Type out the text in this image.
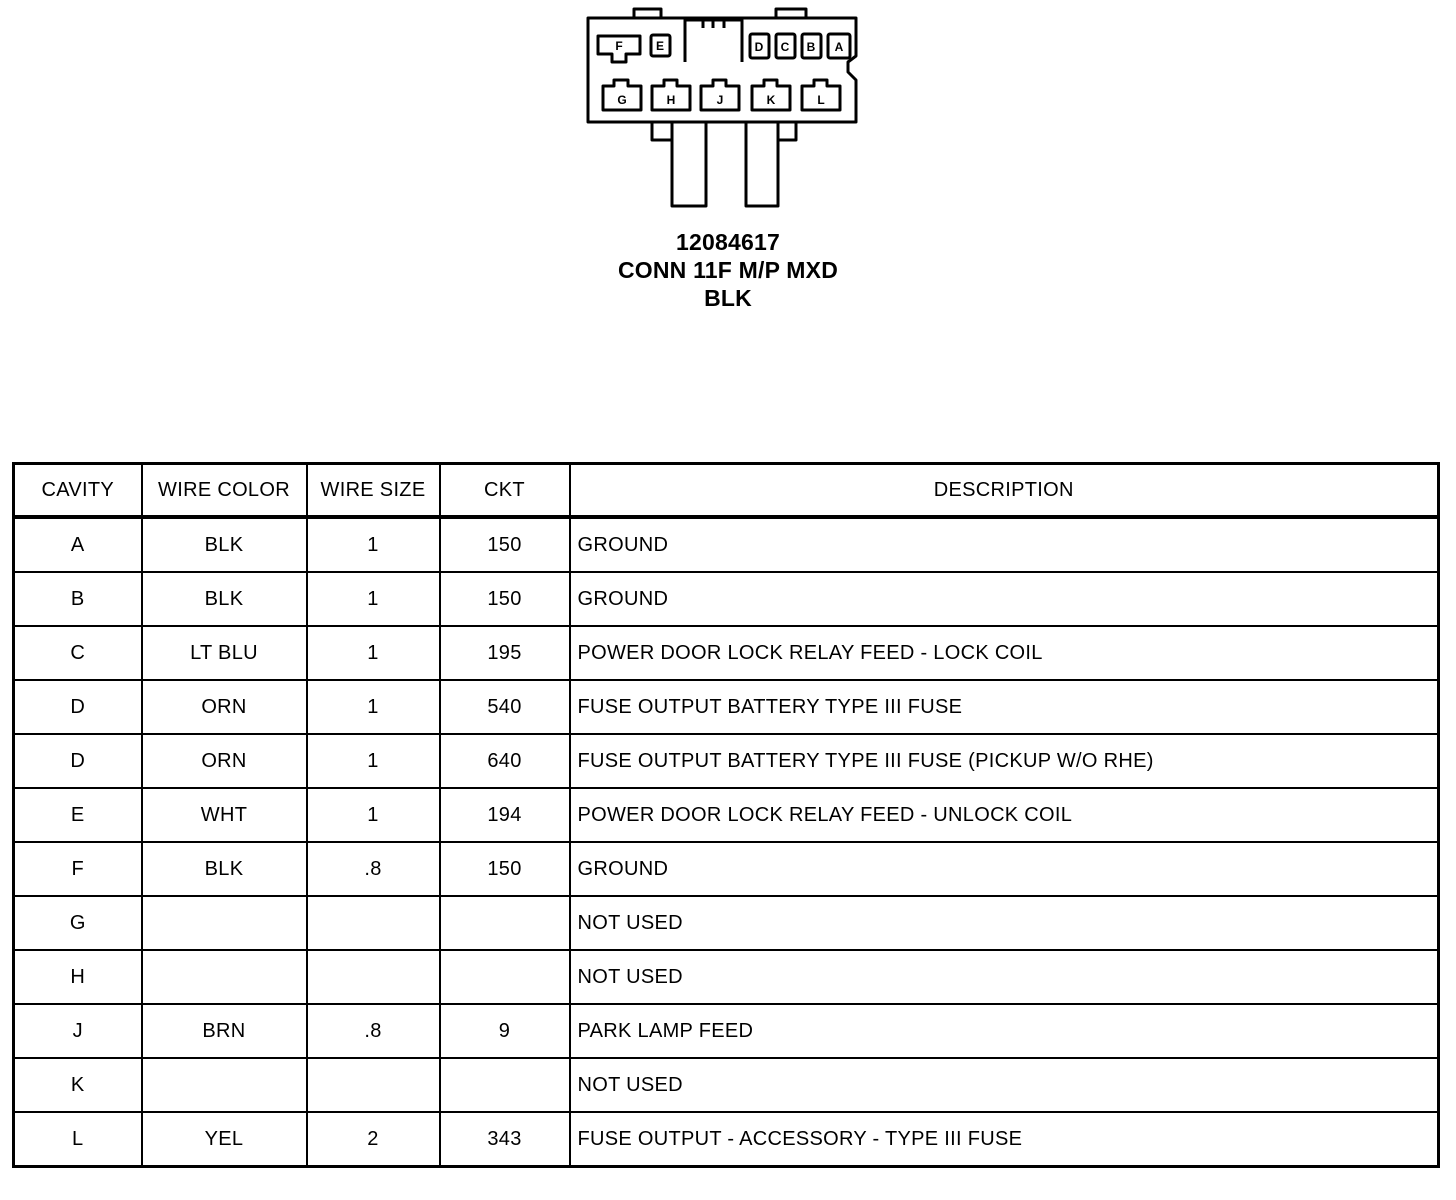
F	E	D C B A
G	H	J	K	L
12084617
CONN 11F M/P MXD
BLK
CAVITY	WIRE COLOR	WIRE SIZE	CKT	DESCRIPTION
A	BLK	1	150	GROUND
B	BLK	1	150	GROUND
C	LT BLU	1	195	POWER DOOR LOCK RELAY FEED - LOCK COIL
D	ORN	1	540	FUSE OUTPUT BATTERY TYPE III FUSE
D	ORN	1	640	FUSE OUTPUT BATTERY TYPE III FUSE (PICKUP W/O RHE)
E	WHT	1	194	POWER DOOR LOCK RELAY FEED - UNLOCK COIL
F	BLK	.8	150	GROUND
G				NOT USED
H				NOT USED
J	BRN	.8	9	PARK LAMP FEED
K				NOT USED
L	YEL	2	343	FUSE OUTPUT - ACCESSORY - TYPE III FUSE
